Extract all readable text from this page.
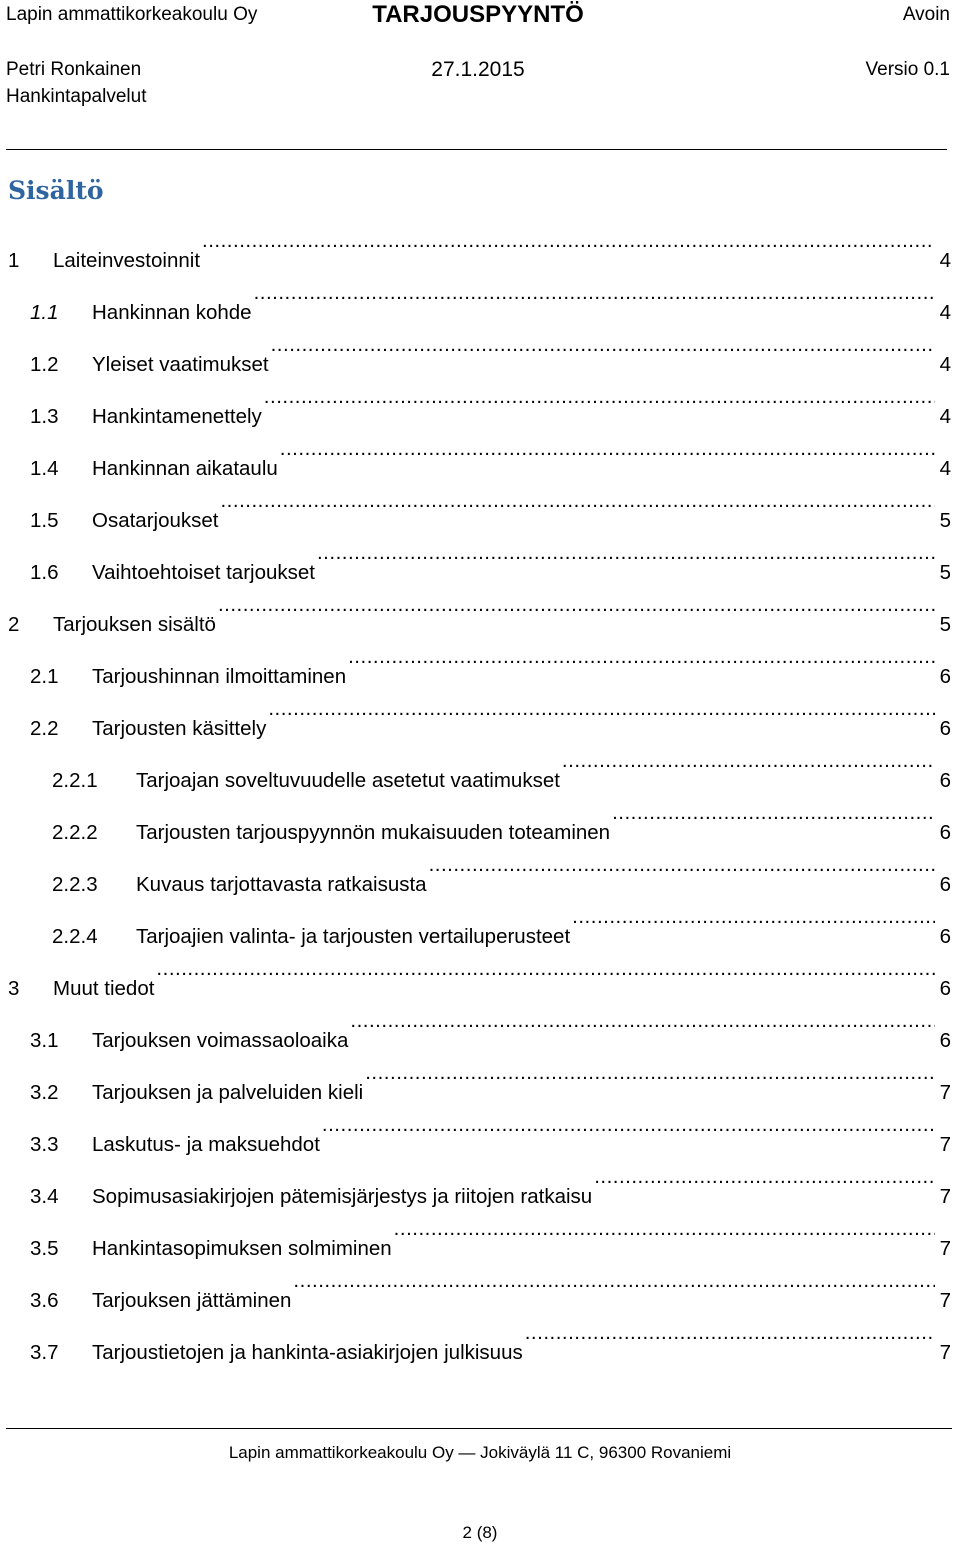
Lapin ammattikorkeakoulu Oy	TARJOUSPYYNTÖ	Avoin
Petri Ronkainen	27.1.2015	Versio 0.1
Hankintapalvelut
Sisältö
1	Laiteinvestoinnit .....	4
1.1	Hankinnan kohde .....	4
1.2	Yleiset vaatimukset .....	4
1.3	Hankintamenettely .....	4
1.4	Hankinnan aikataulu .....	4
1.5	Osatarjoukset .....	5
1.6	Vaihtoehtoiset tarjoukset .....	5
2	Tarjouksen sisältö .....	5
2.1	Tarjoushinnan ilmoittaminen .....	6
2.2	Tarjousten käsittely .....	6
2.2.1	Tarjoajan soveltuvuudelle asetetut vaatimukset .....	6
2.2.2	Tarjousten tarjouspyynnön mukaisuuden toteaminen .....	6
2.2.3	Kuvaus tarjottavasta ratkaisusta .....	6
2.2.4	Tarjoajien valinta- ja tarjousten vertailuperusteet .....	6
3	Muut tiedot .....	6
3.1	Tarjouksen voimassaoloaika .....	6
3.2	Tarjouksen ja palveluiden kieli .....	7
3.3	Laskutus- ja maksuehdot .....	7
3.4	Sopimusasiakirjojen pätemisjärjestys ja riitojen ratkaisu .....	7
3.5	Hankintasopimuksen solmiminen .....	7
3.6	Tarjouksen jättäminen .....	7
3.7	Tarjoustietojen ja hankinta-asiakirjojen julkisuus .....	7
Lapin ammattikorkeakoulu Oy — Jokiväylä 11 C, 96300 Rovaniemi
2 (8)
